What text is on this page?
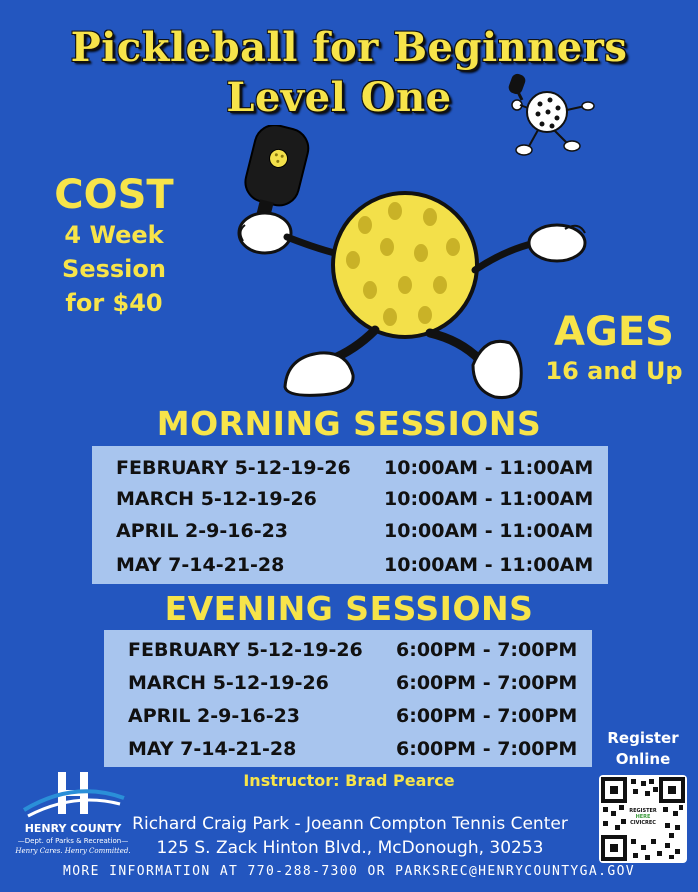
Pickleball for Beginners
Level One
COST
4 Week
Session
for $40
AGES
16 and Up
MORNING SESSIONS
FEBRUARY 5-12-19-26 10:00AM - 11:00AM
MARCH 5-12-19-26	10:00AM - 11:00AM
APRIL 2-9-16-23	10:00AM - 11:00AM
MAY 7-14-21-28	10:00AM - 11:00AM
EVENING SESSIONS
FEBRUARY 5-12-19-26 6:00PM - 7:00PM
MARCH 5-12-19-26	6:00PM - 7:00PM
APRIL 2-9-16-23	6:00PM - 7:00PM
MAY 7-14-21-28	6:00PM - 7:00PM
Instructor: Brad Pearce
HENRY COUNTY
—Dept. of Parks & Recreation—
Henry Cares. Henry Committed.
Richard Craig Park - Joeann Compton Tennis Center
125 S. Zack Hinton Blvd., McDonough, 30253
Register
Online
REGISTER
HERE
CIVICREC
MORE INFORMATION AT 770-288-7300 OR PARKSREC@HENRYCOUNTYGA.GOV
